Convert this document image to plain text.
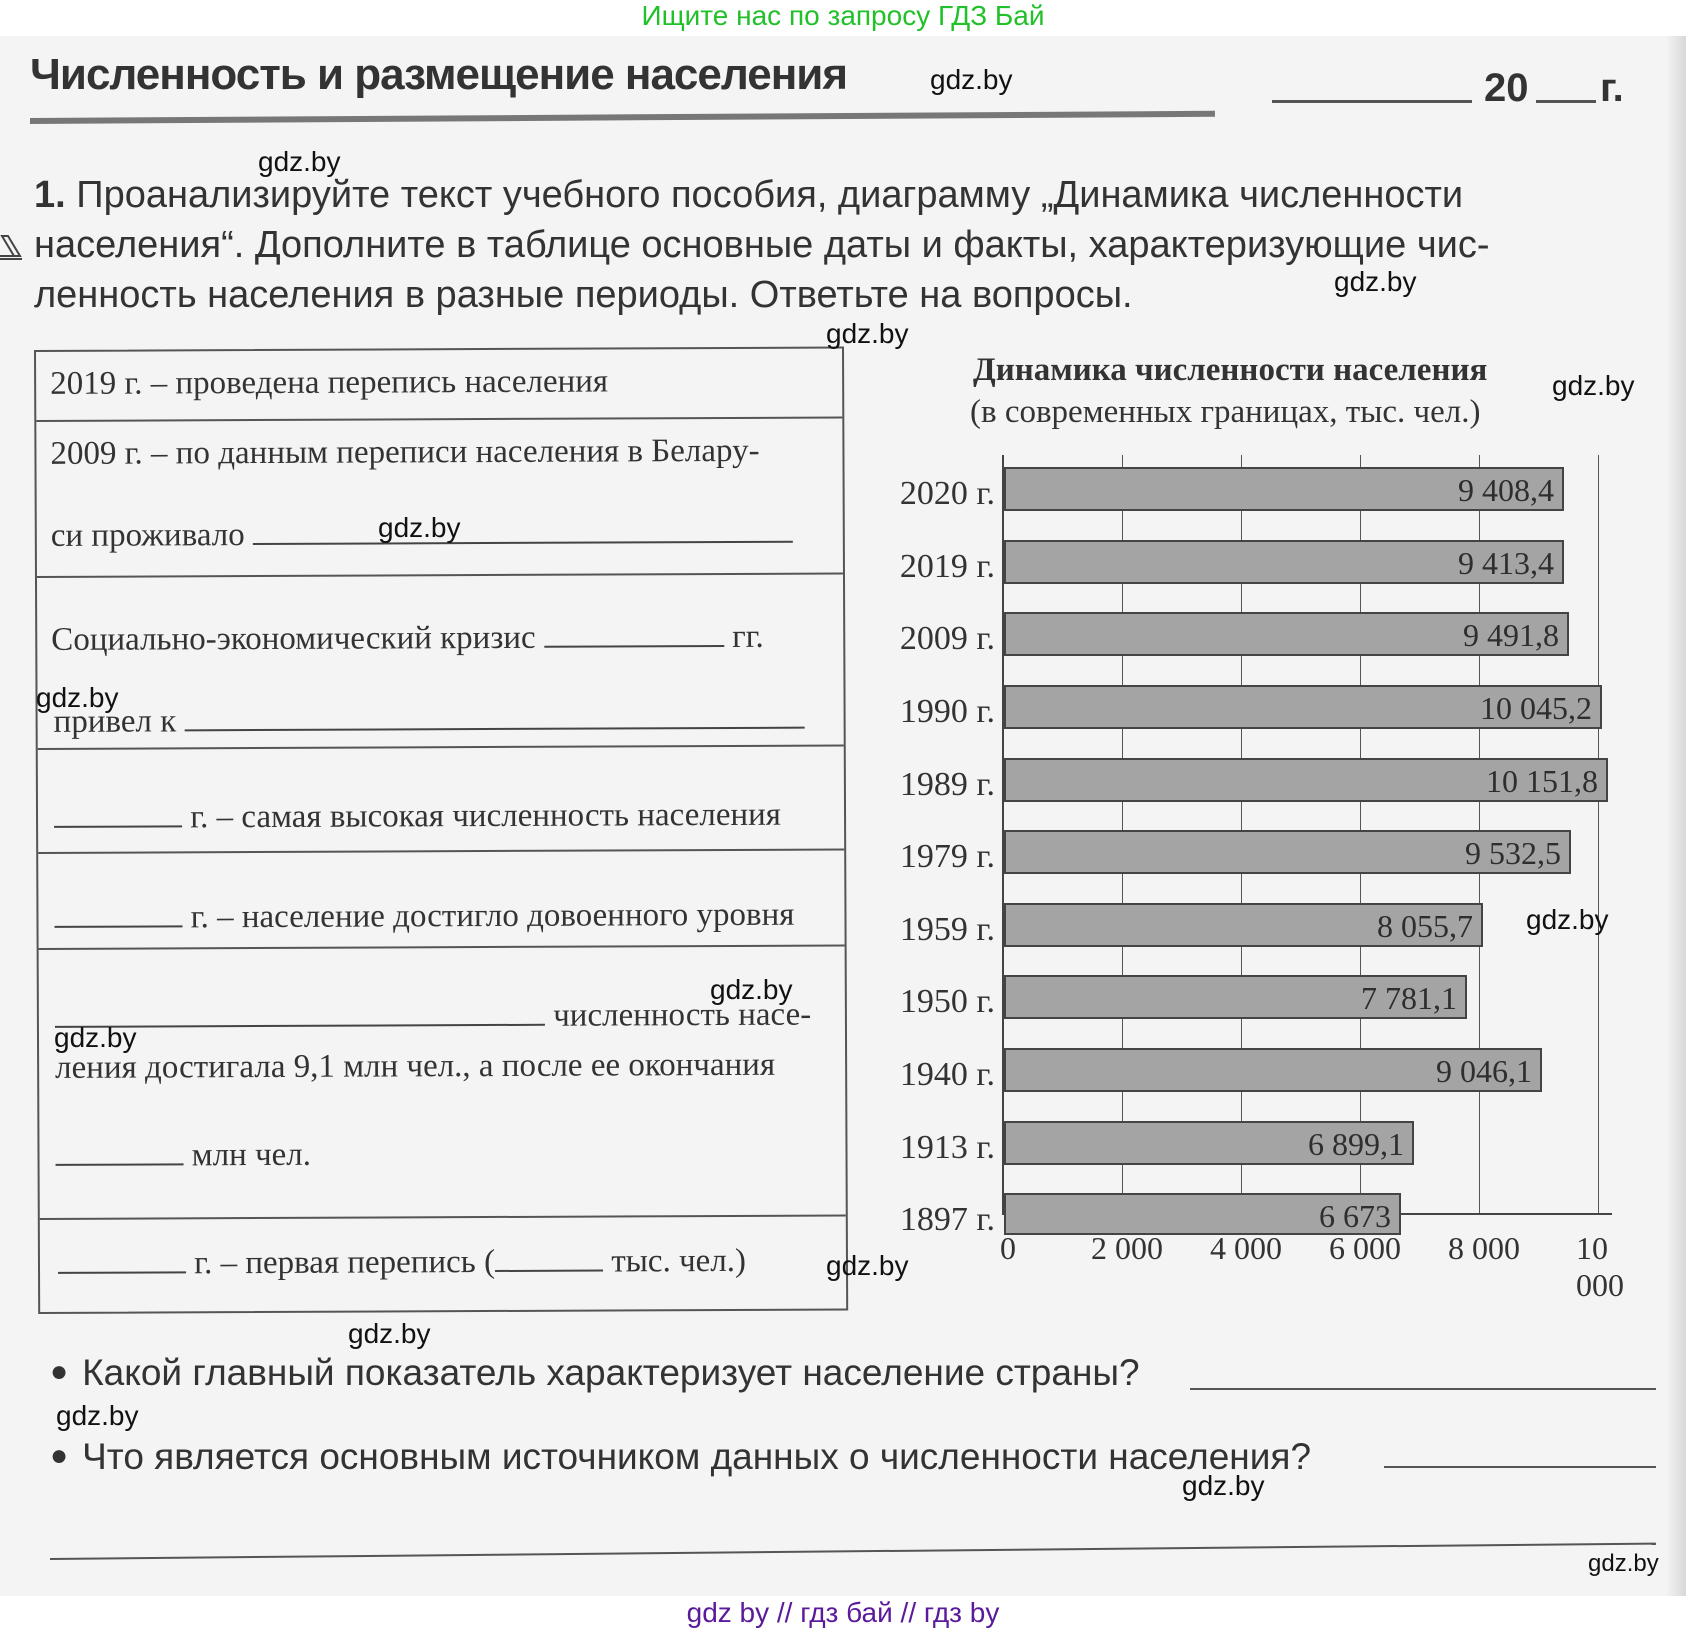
Ищите нас по запросу ГДЗ Бай
Численность и размещение населения	20 г.
1. Проанализируйте текст учебного пособия, диаграмму „Динамика численности
населения“. Дополните в таблице основные даты и факты, характеризующие чис-
ленность населения в разные периоды. Ответьте на вопросы.
2019 г. – проведена перепись населения
2009 г. – по данным переписи населения в Белару-
си проживало
Социально-экономический кризис	гг.
привел к
г. – самая высокая численность населения
г. – население достигло довоенного уровня
численность насе-
ления достигала 9,1 млн чел., а после ее окончания
млн чел.
г. – первая перепись (	тыс. чел.)
Динамика численности населения
(в современных границах, тыс. чел.)
9 408,4
9 413,4
9 491,8
10 045,2
10 151,8
9 532,5
8 055,7
7 781,1
9 046,1
6 899,1
6 673
2020 г.
2019 г.
2009 г.
1990 г.
1989 г.
1979 г.
1959 г.
1950 г.
1940 г.
1913 г.
1897 г.
0 2 000 4 000 6 000 8 000 10 000
● Какой главный показатель характеризует население страны?
● Что является основным источником данных о численности населения?
gdz.by
gdz.by
gdz.by
gdz.by
gdz.by
gdz.by
gdz.by
gdz.by
gdz.by
gdz.by
gdz.by
gdz.by
gdz.by
gdz.by
gdz.by
gdz by // гдз бай // гдз by
